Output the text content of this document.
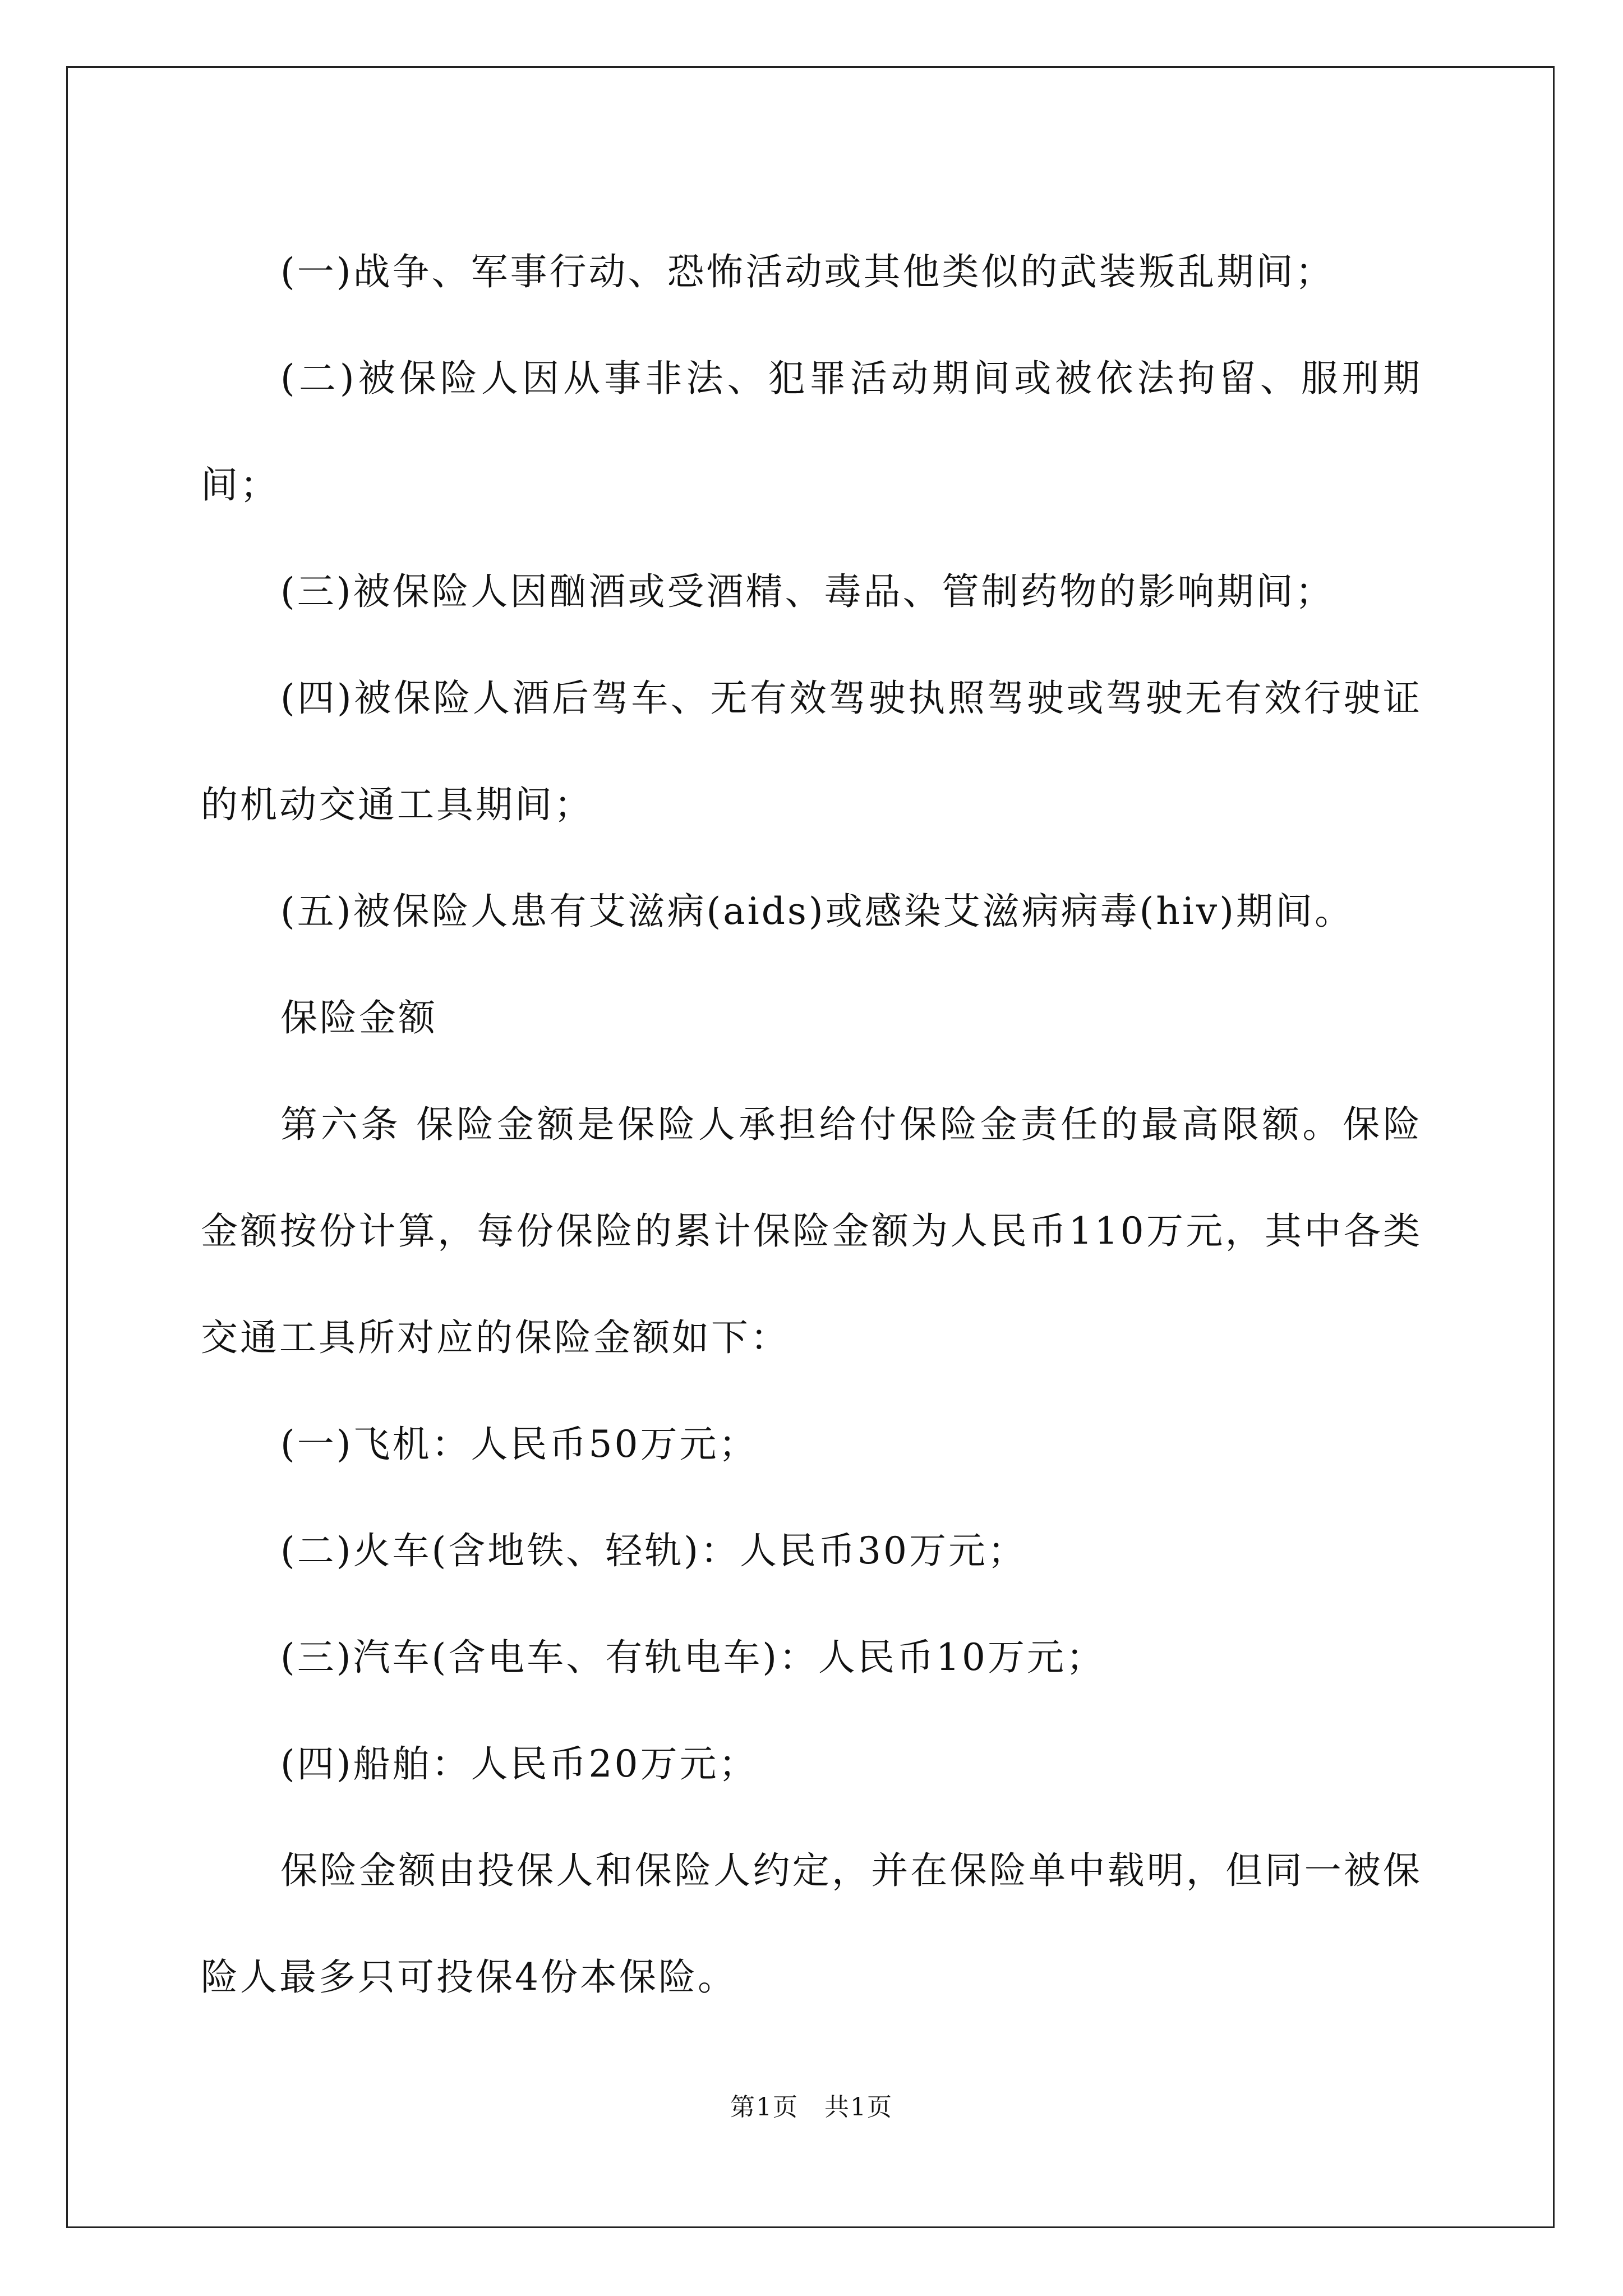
(一)战争、军事行动、恐怖活动或其他类似的武装叛乱期间；

(二)被保险人因从事非法、犯罪活动期间或被依法拘留、服刑期间；

(三)被保险人因酗酒或受酒精、毒品、管制药物的影响期间；

(四)被保险人酒后驾车、无有效驾驶执照驾驶或驾驶无有效行驶证的机动交通工具期间；

(五)被保险人患有艾滋病(aids)或感染艾滋病病毒(hiv)期间。

保险金额

第六条 保险金额是保险人承担给付保险金责任的最高限额。保险金额按份计算，每份保险的累计保险金额为人民币110万元，其中各类交通工具所对应的保险金额如下：

(一)飞机：人民币50万元；

(二)火车(含地铁、轻轨)：人民币30万元；

(三)汽车(含电车、有轨电车)：人民币10万元；

(四)船舶：人民币20万元；

保险金额由投保人和保险人约定，并在保险单中载明，但同一被保险人最多只可投保4份本保险。

第1页　共1页
